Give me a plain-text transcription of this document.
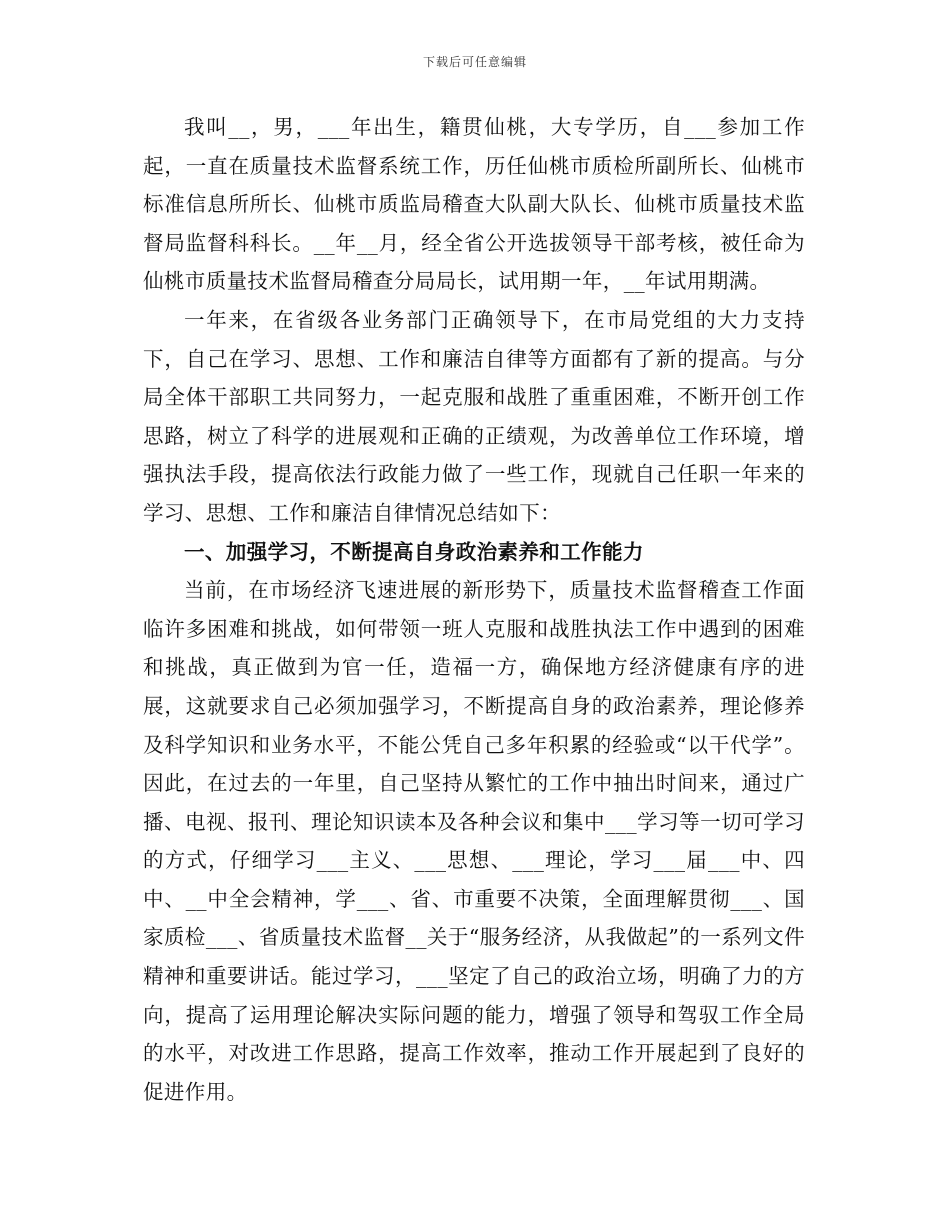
下载后可任意编辑

我叫__，男，___年出生，籍贯仙桃，大专学历，自___参加工作起，一直在质量技术监督系统工作，历任仙桃市质检所副所长、仙桃市标准信息所所长、仙桃市质监局稽查大队副大队长、仙桃市质量技术监督局监督科科长。__年__月，经全省公开选拔领导干部考核，被任命为仙桃市质量技术监督局稽查分局局长，试用期一年，__年试用期满。

一年来，在省级各业务部门正确领导下，在市局党组的大力支持下，自己在学习、思想、工作和廉洁自律等方面都有了新的提高。与分局全体干部职工共同努力，一起克服和战胜了重重困难，不断开创工作思路，树立了科学的进展观和正确的正绩观，为改善单位工作环境，增强执法手段，提高依法行政能力做了一些工作，现就自己任职一年来的学习、思想、工作和廉洁自律情况总结如下：

一、加强学习，不断提高自身政治素养和工作能力

当前，在市场经济飞速进展的新形势下，质量技术监督稽查工作面临许多困难和挑战，如何带领一班人克服和战胜执法工作中遇到的困难和挑战，真正做到为官一任，造福一方，确保地方经济健康有序的进展，这就要求自己必须加强学习，不断提高自身的政治素养，理论修养及科学知识和业务水平，不能公凭自己多年积累的经验或“以干代学”。因此，在过去的一年里，自己坚持从繁忙的工作中抽出时间来，通过广播、电视、报刊、理论知识读本及各种会议和集中___学习等一切可学习的方式，仔细学习___主义、___思想、___理论，学习___届___中、四中、__中全会精神，学___、省、市重要不决策，全面理解贯彻___、国家质检___、省质量技术监督__关于“服务经济，从我做起”的一系列文件精神和重要讲话。能过学习，___坚定了自己的政治立场，明确了力的方向，提高了运用理论解决实际问题的能力，增强了领导和驾驭工作全局的水平，对改进工作思路，提高工作效率，推动工作开展起到了良好的促进作用。
